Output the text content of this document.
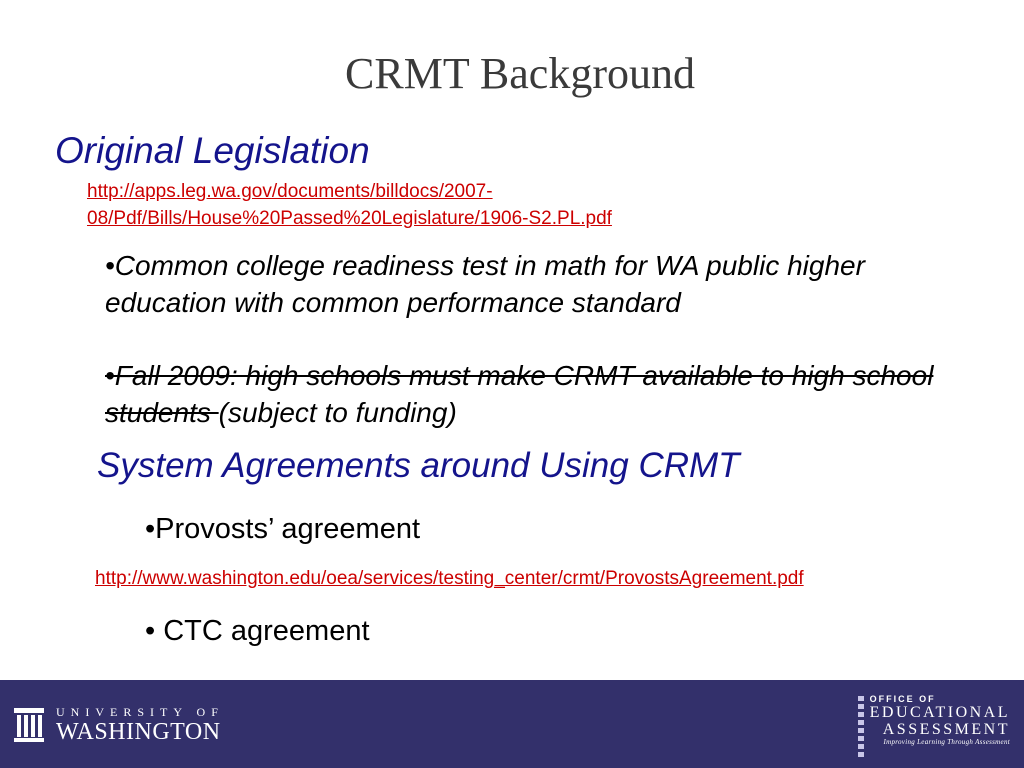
CRMT Background
Original Legislation
http://apps.leg.wa.gov/documents/billdocs/2007-08/Pdf/Bills/House%20Passed%20Legislature/1906-S2.PL.pdf
•Common college readiness test in math for WA public higher education with common performance standard
•Fall 2009: high schools must make CRMT available to high school students (subject to funding)
System Agreements around Using CRMT
•Provosts’ agreement
http://www.washington.edu/oea/services/testing_center/crmt/ProvostsAgreement.pdf
• CTC agreement
UNIVERSITY OF
WASHINGTON
OFFICE OF
EDUCATIONAL
ASSESSMENT
Improving Learning Through Assessment
